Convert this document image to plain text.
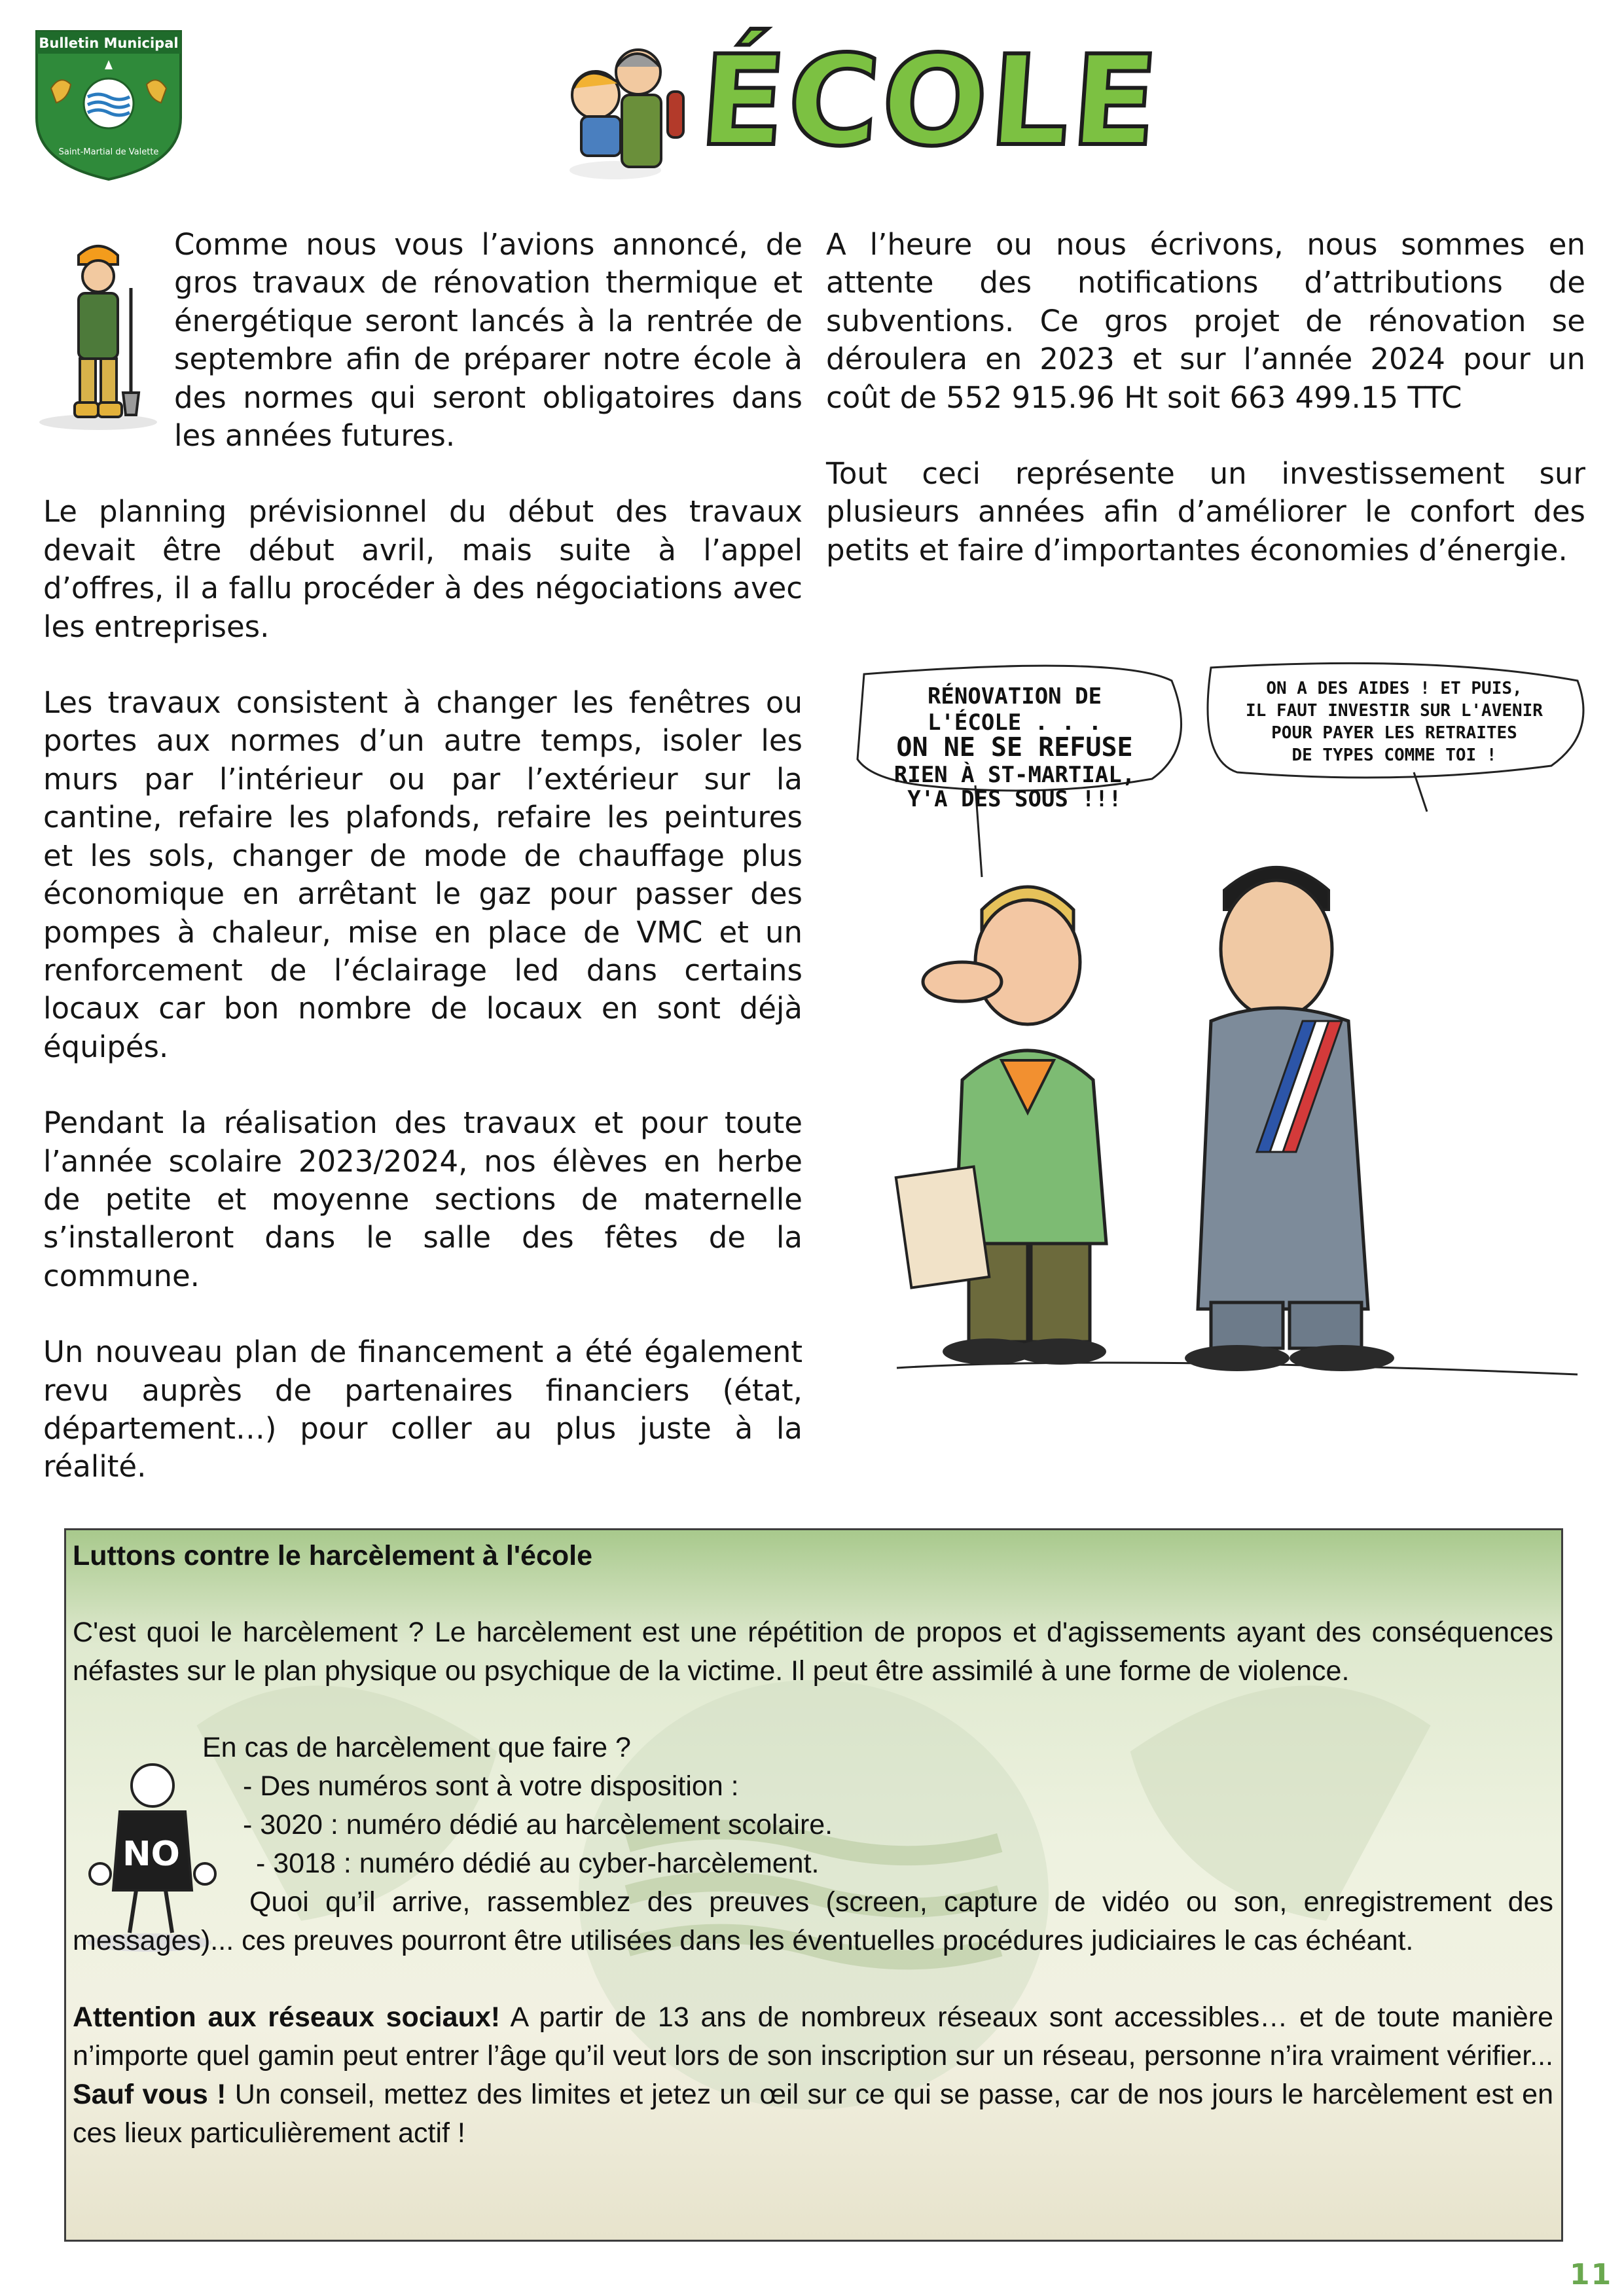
Bulletin Municipal
Saint-Martial de Valette	ÉCOLE

Comme nous vous l’avions annoncé, de gros travaux de rénovation thermique et énergétique seront lancés à la rentrée de septembre afin de préparer notre école à des normes qui seront obligatoires dans les années futures.

Le planning prévisionnel du début des travaux devait être début avril, mais suite à l’appel d’offres, il a fallu procéder à des négociations avec les entreprises.

Les travaux consistent à changer les fenêtres ou portes aux normes d’un autre temps, isoler les murs par l’intérieur ou par l’extérieur sur la cantine, refaire les plafonds, refaire les peintures et les sols, changer de mode de chauffage plus économique en arrêtant le gaz pour passer des pompes à chaleur, mise en place de VMC et un renforcement de l’éclairage led dans certains locaux car bon nombre de locaux en sont déjà équipés.

Pendant la réalisation des travaux et pour toute l’année scolaire 2023/2024, nos élèves en herbe de petite et moyenne sections de maternelle s’installeront dans le salle des fêtes de la commune.

Un nouveau plan de financement a été également revu auprès de partenaires financiers (état, département…) pour coller au plus juste à la réalité.

A l’heure ou nous écrivons, nous sommes en attente des notifications d’attributions de subventions. Ce gros projet de rénovation se déroulera en 2023 et sur l’année 2024 pour un coût de 552 915.96 Ht soit 663 499.15 TTC

Tout ceci représente un investissement sur plusieurs années afin d’améliorer le confort des petits et faire d’importantes économies d’énergie.

RÉNOVATION DE
L'ÉCOLE . . .
ON NE SE REFUSE
RIEN À ST-MARTIAL,
Y'A DES SOUS !!!
ON A DES AIDES ! ET PUIS,
IL FAUT INVESTIR SUR L'AVENIR
POUR PAYER LES RETRAITES
DE TYPES COMME TOI !
NO
Luttons contre le harcèlement à l'école
C'est quoi le harcèlement ? Le harcèlement est une répétition de propos et d'agissements ayant des conséquences néfastes sur le plan physique ou psychique de la victime. Il peut être assimilé à une forme de violence.
En cas de harcèlement que faire ?
- Des numéros sont à votre disposition :
- 3020 : numéro dédié au harcèlement scolaire.
- 3018 : numéro dédié au cyber-harcèlement.
Quoi qu’il arrive, rassemblez des preuves (screen, capture de vidéo ou son, enregistrement des messages)... ces preuves pourront être utilisées dans les éventuelles procédures judiciaires le cas échéant.
Attention aux réseaux sociaux! A partir de 13 ans de nombreux réseaux sont accessibles… et de toute manière n’importe quel gamin peut entrer l’âge qu’il veut lors de son inscription sur un réseau, personne n’ira vraiment vérifier... Sauf vous ! Un conseil, mettez des limites et jetez un œil sur ce qui se passe, car de nos jours le harcèlement est en ces lieux particulièrement actif !
11
